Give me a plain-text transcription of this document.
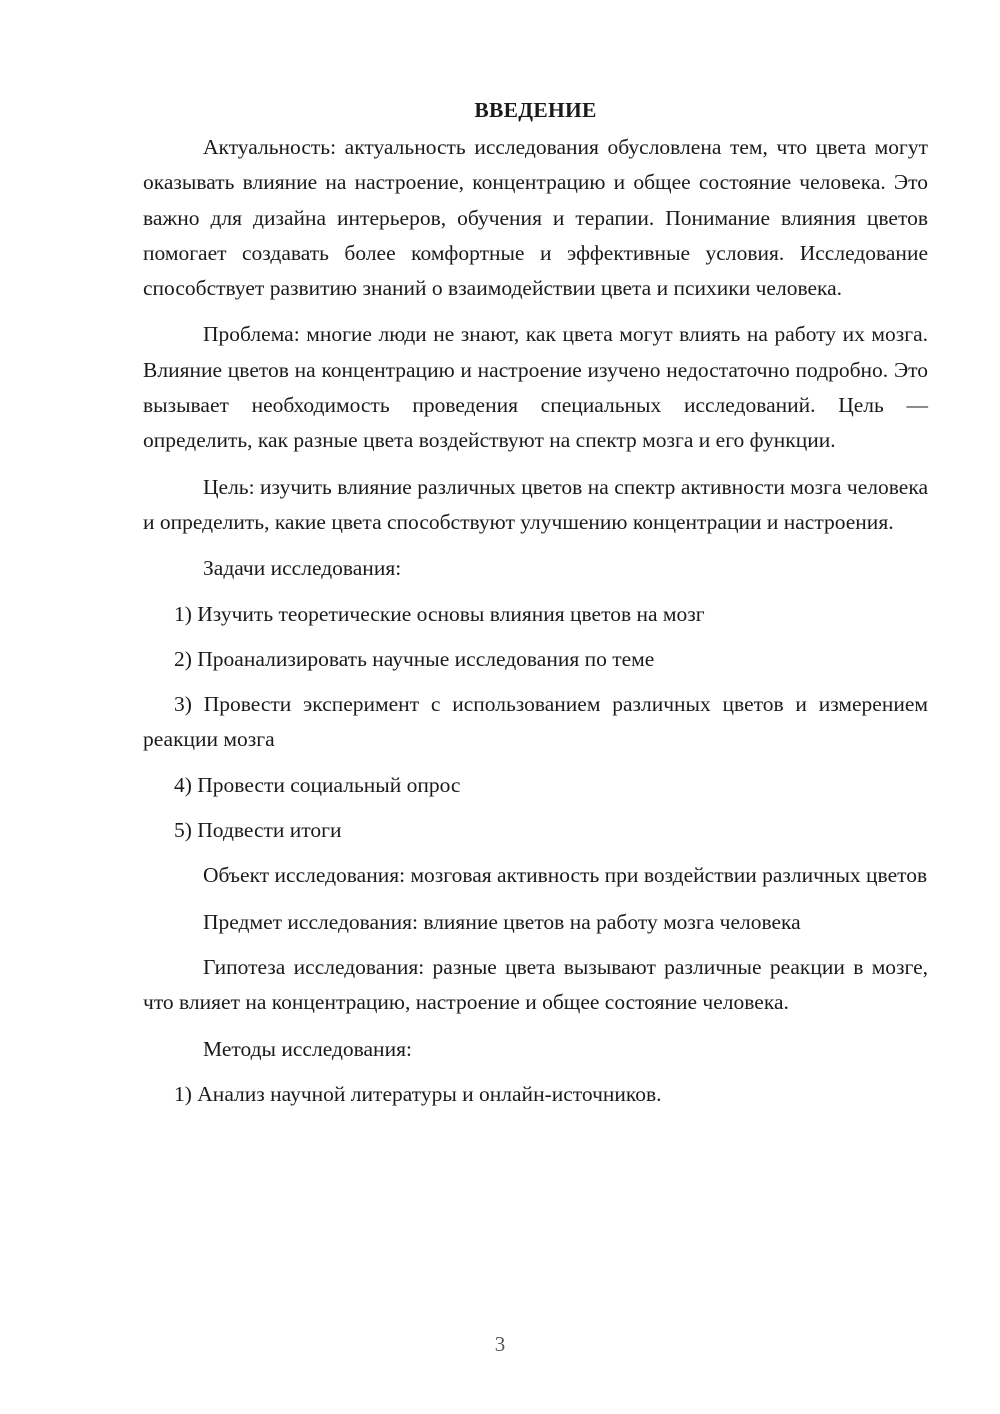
ВВЕДЕНИЕ

Актуальность: актуальность исследования обусловлена тем, что цвета могут оказывать влияние на настроение, концентрацию и общее состояние человека. Это важно для дизайна интерьеров, обучения и терапии. Понимание влияния цветов помогает создавать более комфортные и эффективные условия. Исследование способствует развитию знаний о взаимодействии цвета и психики человека.

Проблема: многие люди не знают, как цвета могут влиять на работу их мозга. Влияние цветов на концентрацию и настроение изучено недостаточно подробно. Это вызывает необходимость проведения специальных исследований. Цель — определить, как разные цвета воздействуют на спектр мозга и его функции.

Цель: изучить влияние различных цветов на спектр активности мозга человека и определить, какие цвета способствуют улучшению концентрации и настроения.

Задачи исследования:

1) Изучить теоретические основы влияния цветов на мозг

2) Проанализировать научные исследования по теме

3) Провести эксперимент с использованием различных цветов и измерением реакции мозга

4) Провести социальный опрос

5) Подвести итоги

Объект исследования: мозговая активность при воздействии различных цветов

Предмет исследования: влияние цветов на работу мозга человека

Гипотеза исследования: разные цвета вызывают различные реакции в мозге, что влияет на концентрацию, настроение и общее состояние человека.

Методы исследования:

1) Анализ научной литературы и онлайн-источников.

3
